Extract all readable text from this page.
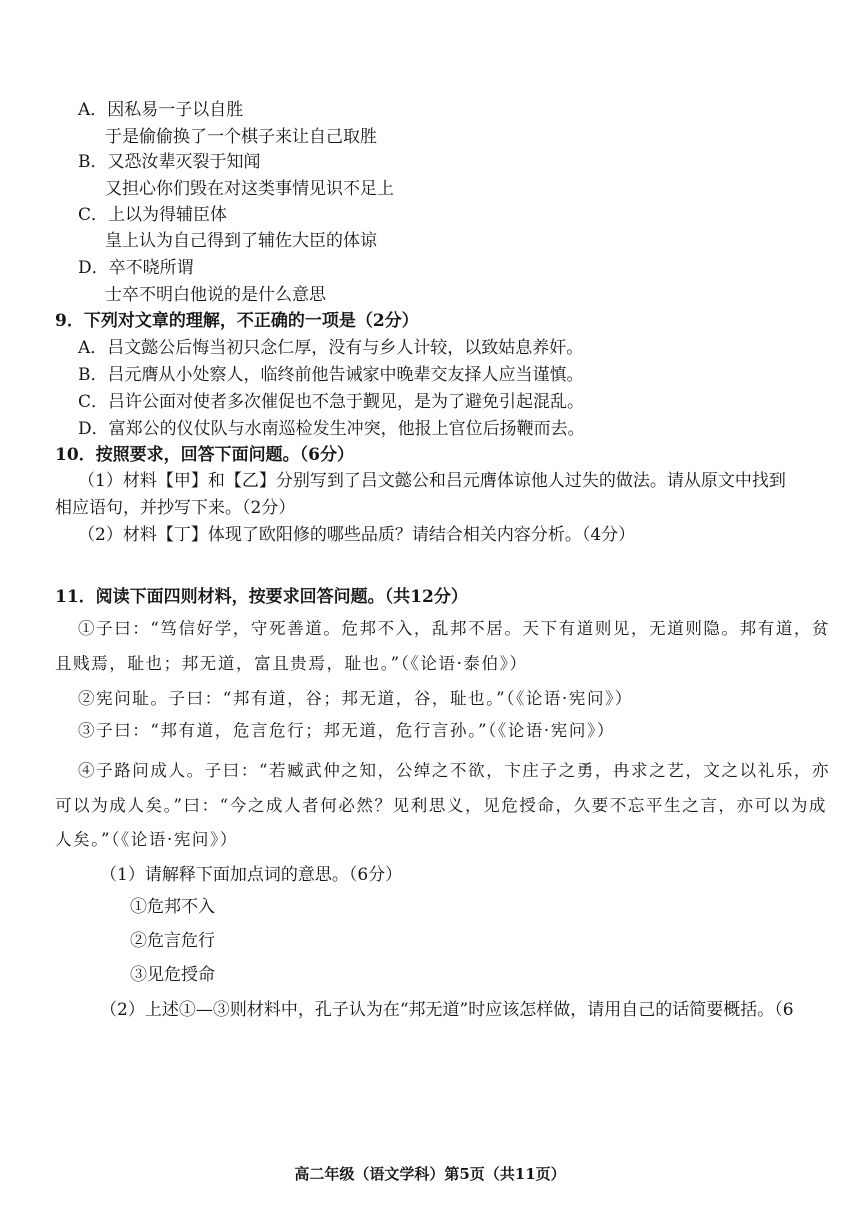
A．因私易一子以自胜
于是偷偷换了一个棋子来让自己取胜
B．又恐汝辈灭裂于知闻
又担心你们毁在对这类事情见识不足上
C．上以为得辅臣体
皇上认为自己得到了辅佐大臣的体谅
D．卒不晓所谓
士卒不明白他说的是什么意思
9．下列对文章的理解，不正确的一项是（2分）
A．吕文懿公后悔当初只念仁厚，没有与乡人计较，以致姑息养奸。
B．吕元膺从小处察人，临终前他告诫家中晚辈交友择人应当谨慎。
C．吕许公面对使者多次催促也不急于觐见，是为了避免引起混乱。
D．富郑公的仪仗队与水南巡检发生冲突，他报上官位后扬鞭而去。
10．按照要求，回答下面问题。（6分）
（1）材料【甲】和【乙】分别写到了吕文懿公和吕元膺体谅他人过失的做法。请从原文中找到
相应语句，并抄写下来。（2分）
（2）材料【丁】体现了欧阳修的哪些品质？请结合相关内容分析。（4分）
11．阅读下面四则材料，按要求回答问题。（共12分）
①子曰：“笃信好学，守死善道。危邦不入，乱邦不居。天下有道则见，无道则隐。邦有道，贫
且贱焉，耻也；邦无道，富且贵焉，耻也。”（《论语·泰伯》）
②宪问耻。子曰：“邦有道，谷；邦无道，谷，耻也。”（《论语·宪问》）
③子曰：“邦有道，危言危行；邦无道，危行言孙。”（《论语·宪问》）
④子路问成人。子曰：“若臧武仲之知，公绰之不欲，卞庄子之勇，冉求之艺，文之以礼乐，亦
可以为成人矣。”曰：“今之成人者何必然？见利思义，见危授命，久要不忘平生之言，亦可以为成
人矣。”（《论语·宪问》）
（1）请解释下面加点词的意思。（6分）
①危邦不入
②危言危行
③见危授命
（2）上述①—③则材料中，孔子认为在“邦无道”时应该怎样做，请用自己的话简要概括。（6
高二年级（语文学科）第5页（共11页）
